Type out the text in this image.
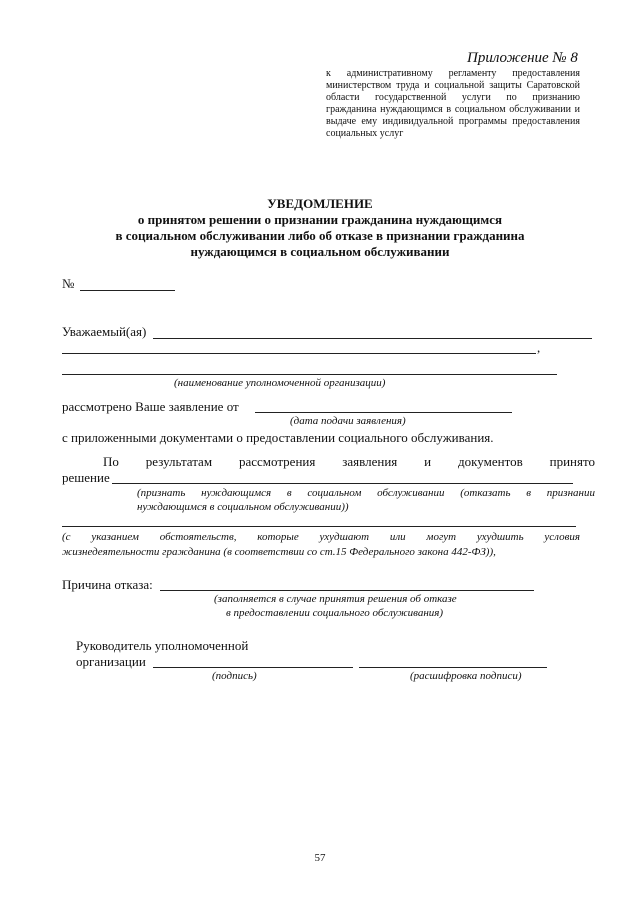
Приложение № 8
к административному регламенту предоставления министерством труда и социальной защиты Саратовской области государственной услуги по признанию гражданина нуждающимся в социальном обслуживании и выдаче ему индивидуальной программы предоставления социальных услуг
УВЕДОМЛЕНИЕ
о принятом решении о признании гражданина нуждающимся
в социальном обслуживании либо об отказе в признании гражданина
нуждающимся в социальном обслуживании
№
Уважаемый(ая)
,
(наименование уполномоченной организации)
рассмотрено Ваше заявление от
(дата подачи заявления)
с приложенными документами о предоставлении социального обслуживания.
По результатам рассмотрения заявления и документов принято
решение
(признать нуждающимся в социальном обслуживании (отказать в признании
нуждающимся в социальном обслуживании))
(с указанием обстоятельств, которые ухудшают или могут ухудшить условия
жизнедеятельности гражданина (в соответствии со ст.15 Федерального закона 442-ФЗ)),
Причина отказа:
(заполняется в случае принятия решения об отказе
в предоставлении социального обслуживания)
Руководитель уполномоченной
организации
(подпись)	(расшифровка подписи)
57
